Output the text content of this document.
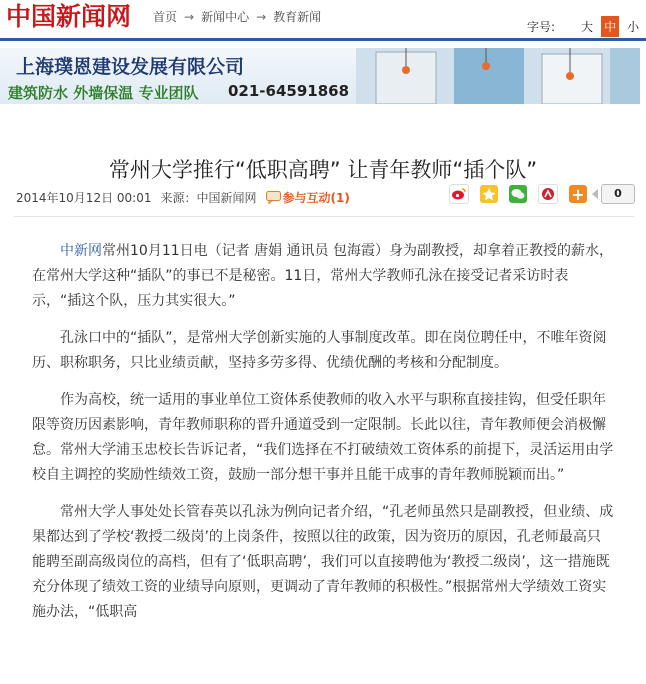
中国新闻网 首页 → 新闻中心 → 教育新闻
字号: 大 中 小
上海璞恩建设发展有限公司
建筑防水 外墙保温 专业团队 021-64591868
常州大学推行“低职高聘” 让青年教师“插个队”
2014年10月12日 00:01 来源：中国新闻网 参与互动(1)	+	0

中新网常州10月11日电（记者 唐娟 通讯员 包海霞）身为副教授，却拿着正教授的薪水，在常州大学这种“插队”的事已不是秘密。11日，常州大学教师孔泳在接受记者采访时表示，“插这个队，压力其实很大。”

孔泳口中的“插队”，是常州大学创新实施的人事制度改革。即在岗位聘任中，不唯年资阅历、职称职务，只比业绩贡献，坚持多劳多得、优绩优酬的考核和分配制度。

作为高校，统一适用的事业单位工资体系使教师的收入水平与职称直接挂钩，但受任职年限等资历因素影响，青年教师职称的晋升通道受到一定限制。长此以往，青年教师便会消极懈怠。常州大学浦玉忠校长告诉记者，“我们选择在不打破绩效工资体系的前提下，灵活运用由学校自主调控的奖励性绩效工资，鼓励一部分想干事并且能干成事的青年教师脱颖而出。”

常州大学人事处处长管春英以孔泳为例向记者介绍，“孔老师虽然只是副教授，但业绩、成果都达到了学校‘教授二级岗’的上岗条件，按照以往的政策，因为资历的原因，孔老师最高只能聘至副高级岗位的高档，但有了‘低职高聘’，我们可以直接聘他为‘教授二级岗’，这一措施既充分体现了绩效工资的业绩导向原则，更调动了青年教师的积极性。”根据常州大学绩效工资实施办法，“低职高
